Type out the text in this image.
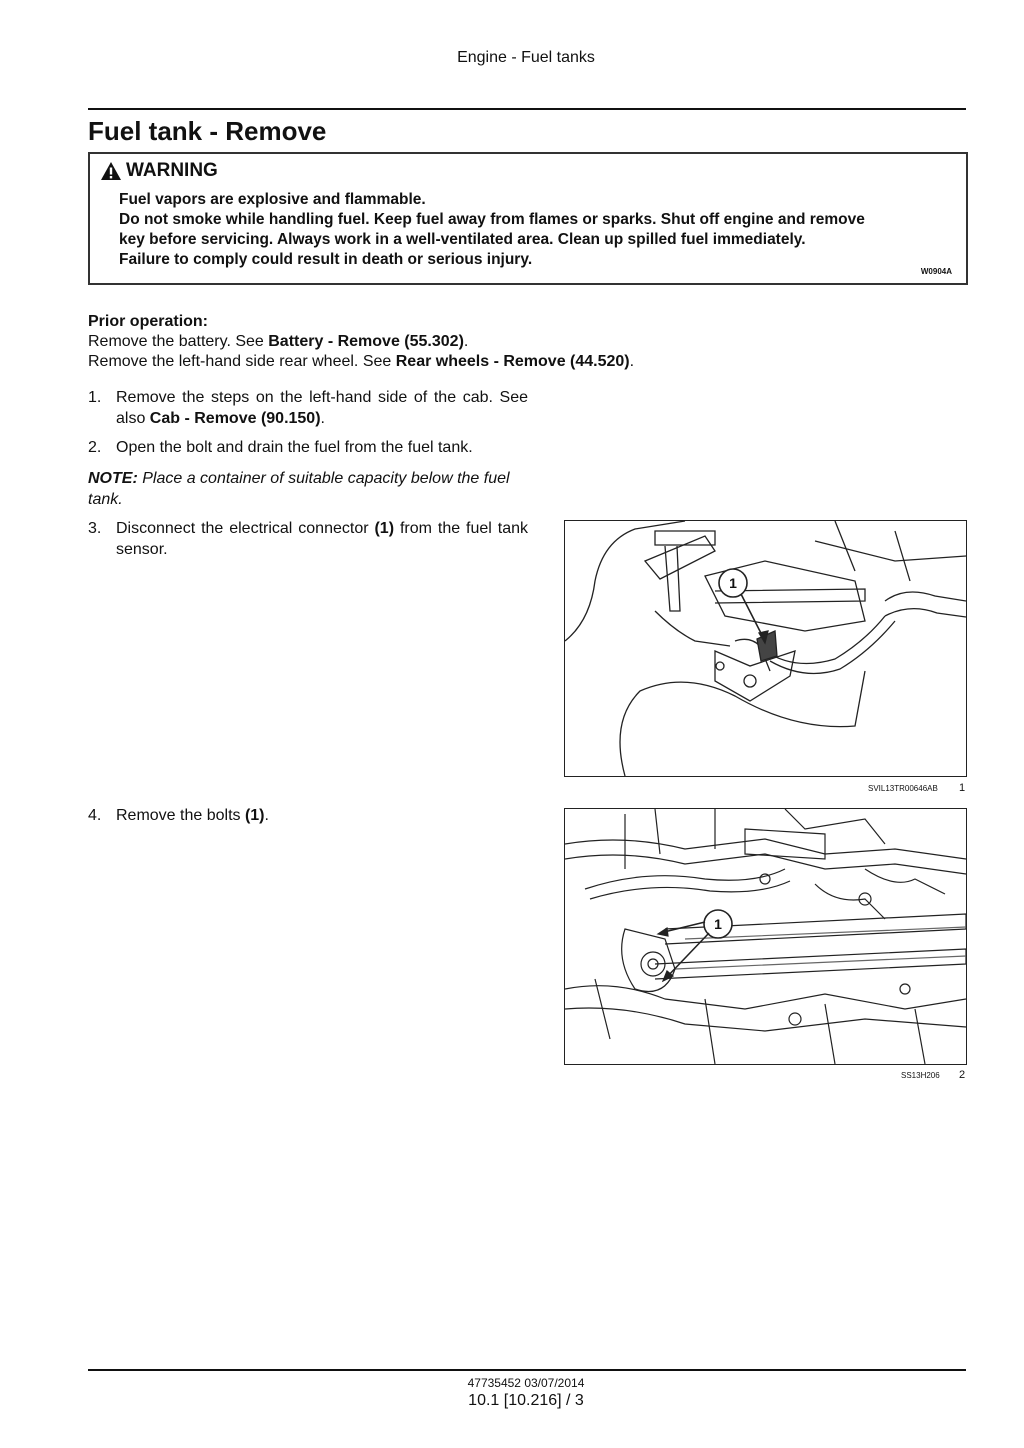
Engine - Fuel tanks
Fuel tank - Remove
WARNING
Fuel vapors are explosive and flammable.
Do not smoke while handling fuel. Keep fuel away from flames or sparks. Shut off engine and remove
key before servicing. Always work in a well-ventilated area. Clean up spilled fuel immediately.
Failure to comply could result in death or serious injury.
W0904A
Prior operation:
Remove the battery. See Battery - Remove (55.302).
Remove the left-hand side rear wheel. See Rear wheels - Remove (44.520).
1. Remove the steps on the left-hand side of the cab. See also Cab - Remove (90.150).
2. Open the bolt and drain the fuel from the fuel tank.
NOTE: Place a container of suitable capacity below the fuel tank.
3. Disconnect the electrical connector (1) from the fuel tank sensor.
1
SVIL13TR00646AB 1
4. Remove the bolts (1).
1
SS13H206 2
47735452 03/07/2014
10.1 [10.216] / 3
